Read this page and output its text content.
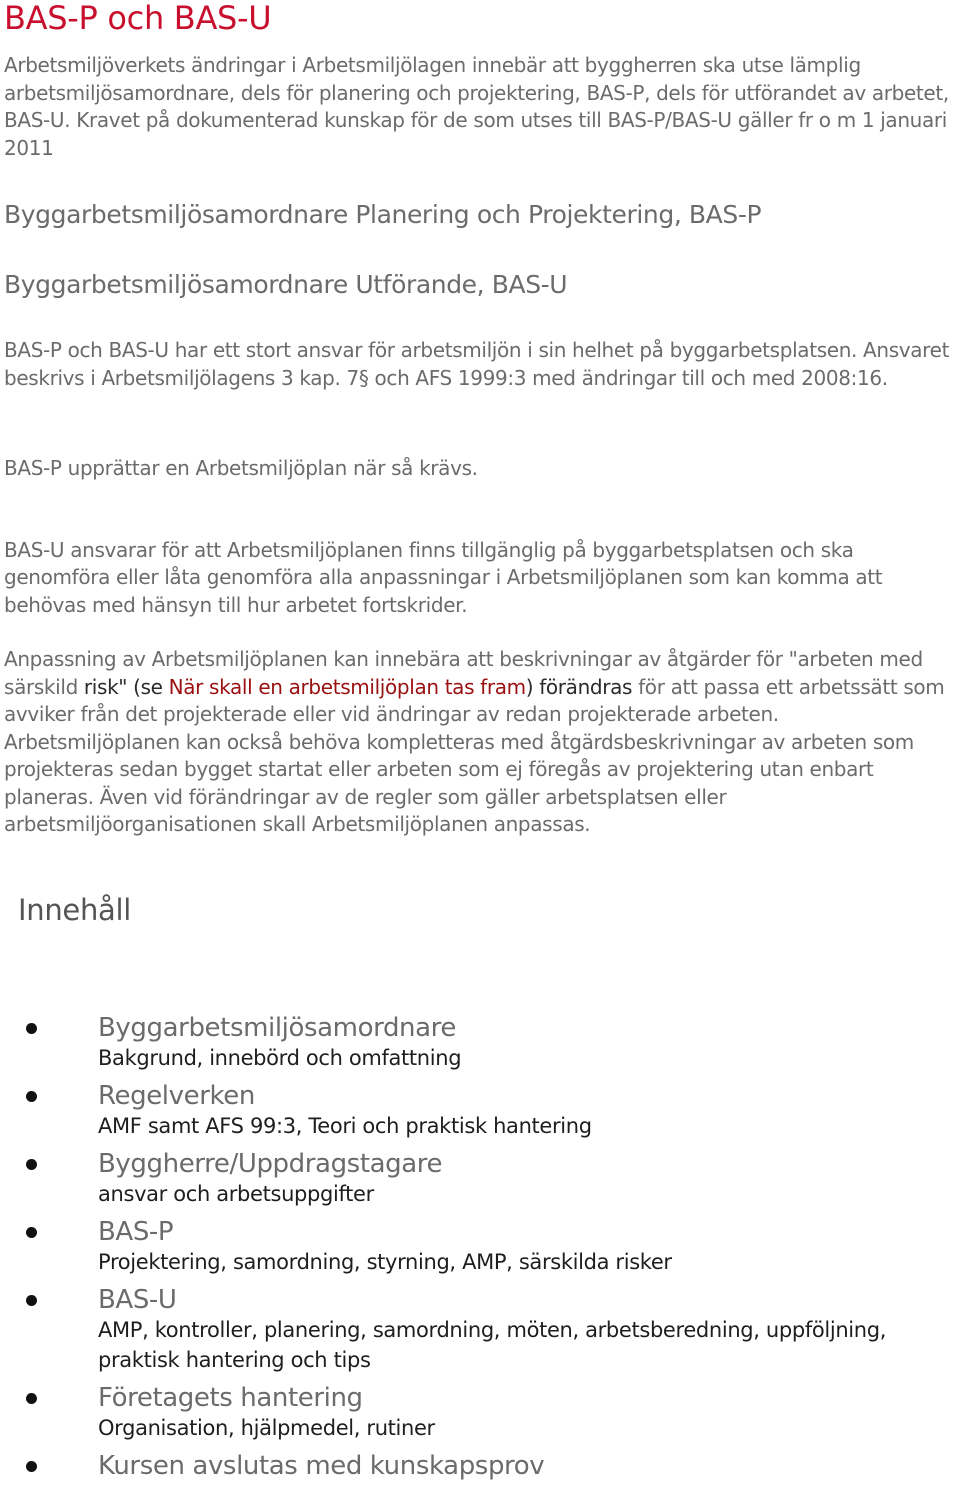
BAS-P och BAS-U

Arbetsmiljöverkets ändringar i Arbetsmiljölagen innebär att byggherren ska utse lämplig arbetsmiljösamordnare, dels för planering och projektering, BAS-P, dels för utförandet av arbetet, BAS-U. Kravet på dokumenterad kunskap för de som utses till BAS-P/BAS-U gäller fr o m 1 januari 2011

Byggarbetsmiljösamordnare Planering och Projektering, BAS-P
Byggarbetsmiljösamordnare Utförande, BAS-U

BAS-P och BAS-U har ett stort ansvar för arbetsmiljön i sin helhet på byggarbetsplatsen. Ansvaret beskrivs i Arbetsmiljölagens 3 kap. 7§ och AFS 1999:3 med ändringar till och med 2008:16.

BAS-P upprättar en Arbetsmiljöplan när så krävs.

BAS-U ansvarar för att Arbetsmiljöplanen finns tillgänglig på byggarbetsplatsen och ska genomföra eller låta genomföra alla anpassningar i Arbetsmiljöplanen som kan komma att behövas med hänsyn till hur arbetet fortskrider.

Anpassning av Arbetsmiljöplanen kan innebära att beskrivningar av åtgärder för "arbeten med särskild risk" (se När skall en arbetsmiljöplan tas fram) förändras för att passa ett arbetssätt som avviker från det projekterade eller vid ändringar av redan projekterade arbeten. Arbetsmiljöplanen kan också behöva kompletteras med åtgärdsbeskrivningar av arbeten som projekteras sedan bygget startat eller arbeten som ej föregås av projektering utan enbart planeras. Även vid förändringar av de regler som gäller arbetsplatsen eller arbetsmiljöorganisationen skall Arbetsmiljöplanen anpassas.

Innehåll
Byggarbetsmiljösamordnare
Bakgrund, innebörd och omfattning
Regelverken
AMF samt AFS 99:3, Teori och praktisk hantering
Byggherre/Uppdragstagare
ansvar och arbetsuppgifter
BAS-P
Projektering, samordning, styrning, AMP, särskilda risker
BAS-U
AMP, kontroller, planering, samordning, möten, arbetsberedning, uppföljning, praktisk hantering och tips
Företagets hantering
Organisation, hjälpmedel, rutiner
Kursen avslutas med kunskapsprov
